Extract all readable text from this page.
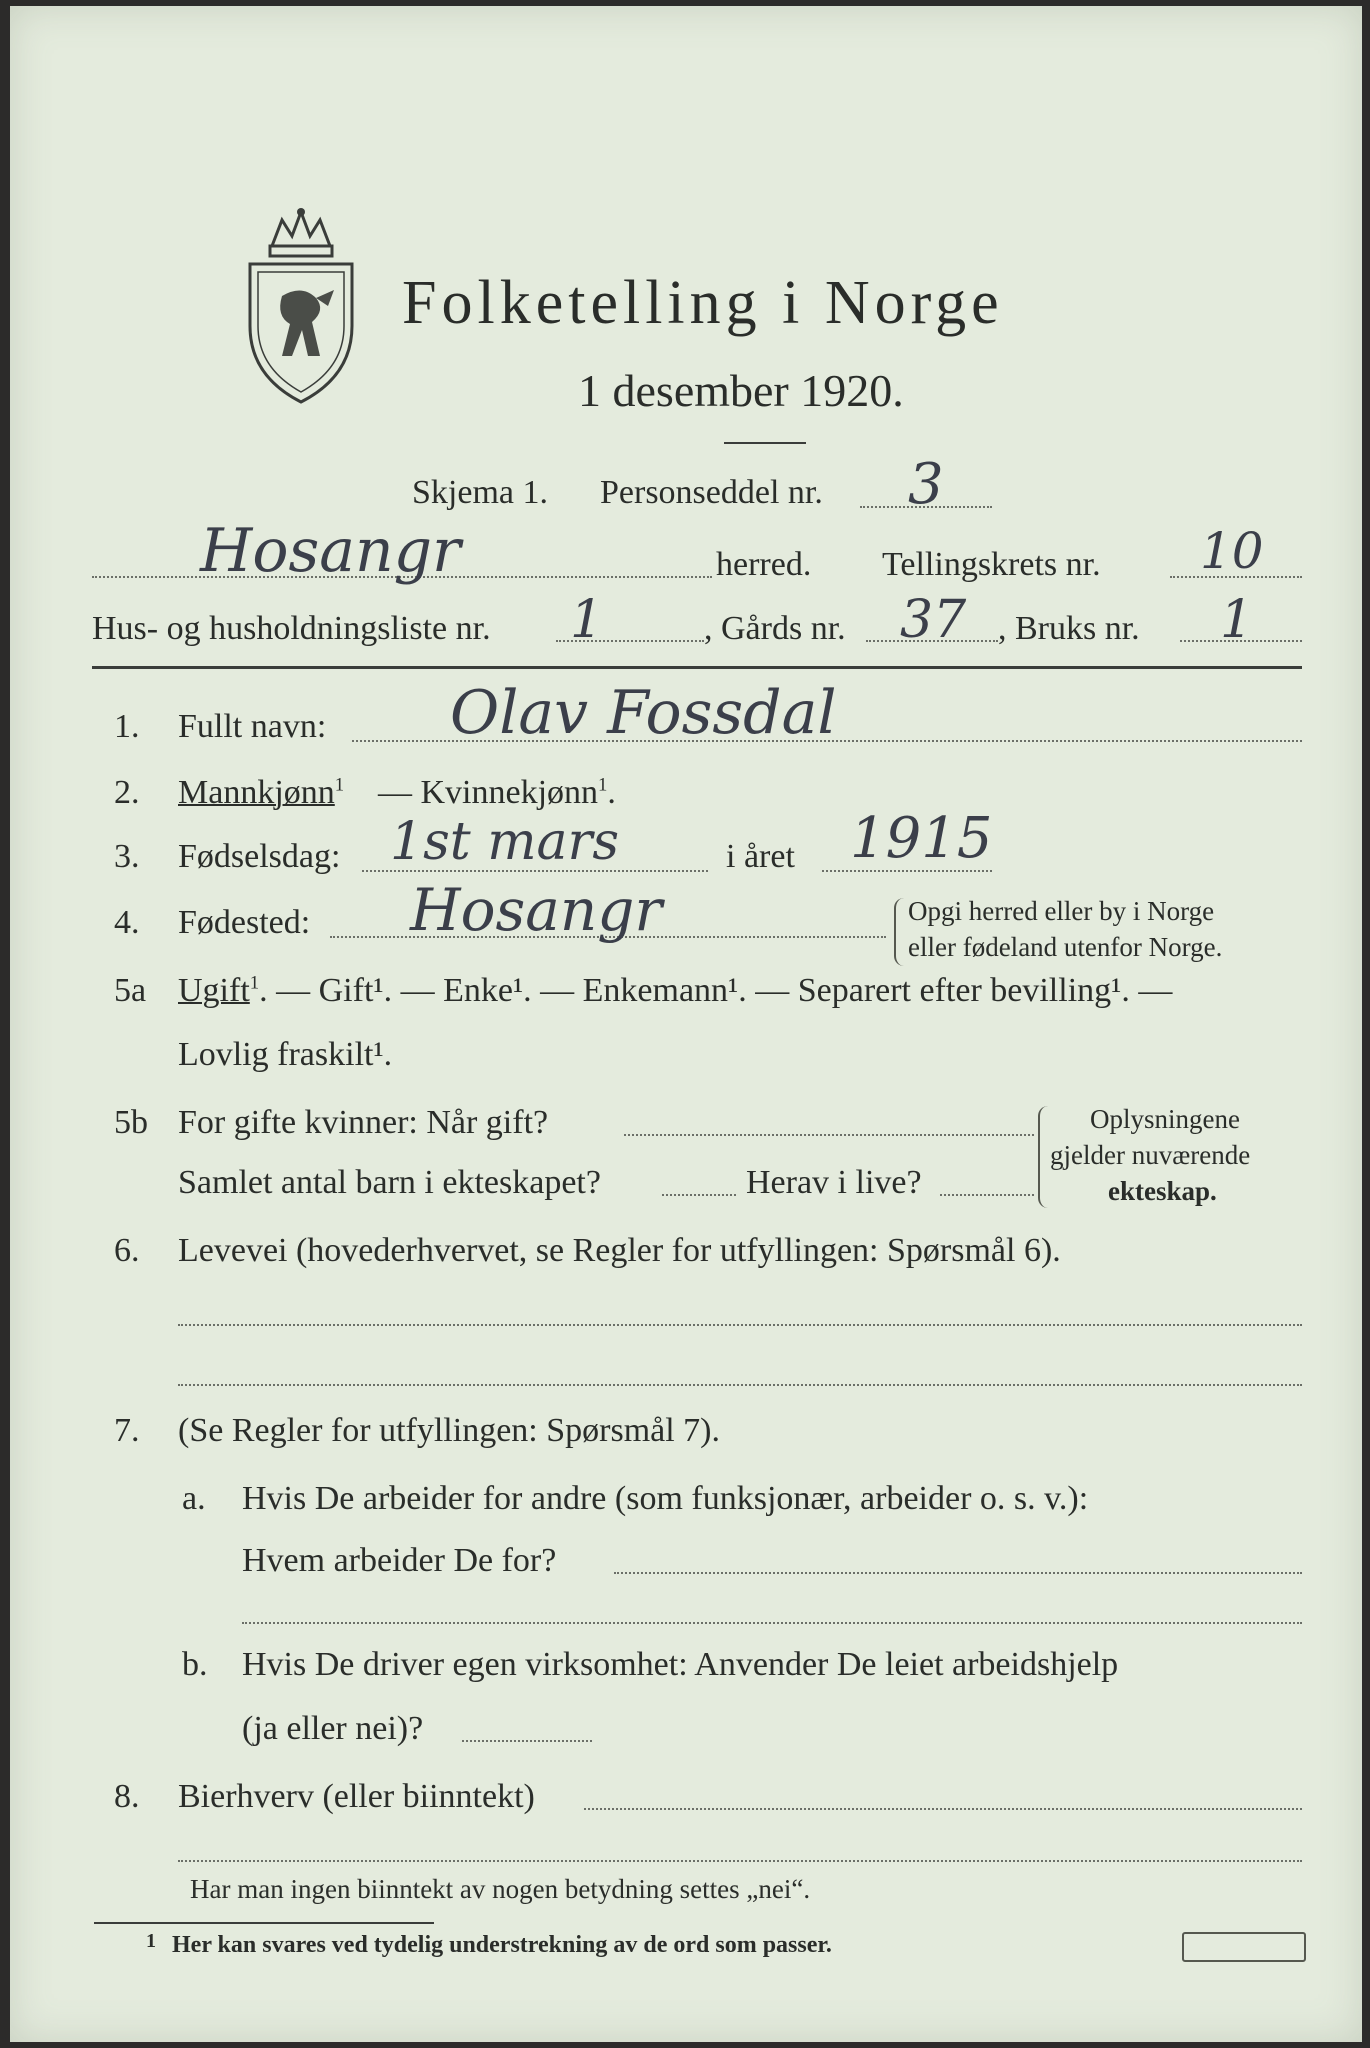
Folketelling i Norge
1 desember 1920.
Skjema 1. Personseddel nr. 3
Hosangr	herred. Tellingskrets nr. 10
Hus- og husholdningsliste nr. 1	, Gårds nr. 37 , Bruks nr. 1
1. Fullt navn: Olav Fossdal
2. Mannkjønn$^1$ — Kvinnekjønn$^1$.
3. Fødselsdag: 1st mars	i året 1915
4. Fødested: Hosangr	Opgi herred eller by i Norge
eller fødeland utenfor Norge.
5a Ugift$^1$. — Gift¹. — Enke¹. — Enkemann¹. — Separert efter bevilling¹. —
Lovlig fraskilt¹.
5b For gifte kvinner: Når gift?
Samlet antal barn i ekteskapet?	Herav i live?
Oplysningene
gjelder nuværende
ekteskap.
6. Levevei (hovederhvervet, se Regler for utfyllingen: Spørsmål 6).
7. (Se Regler for utfyllingen: Spørsmål 7).
a. Hvis De arbeider for andre (som funksjonær, arbeider o. s. v.):
Hvem arbeider De for?
b. Hvis De driver egen virksomhet: Anvender De leiet arbeidshjelp
(ja eller nei)?
8. Bierhverv (eller biinntekt)
Har man ingen biinntekt av nogen betydning settes „nei“.
1 Her kan svares ved tydelig understrekning av de ord som passer.
